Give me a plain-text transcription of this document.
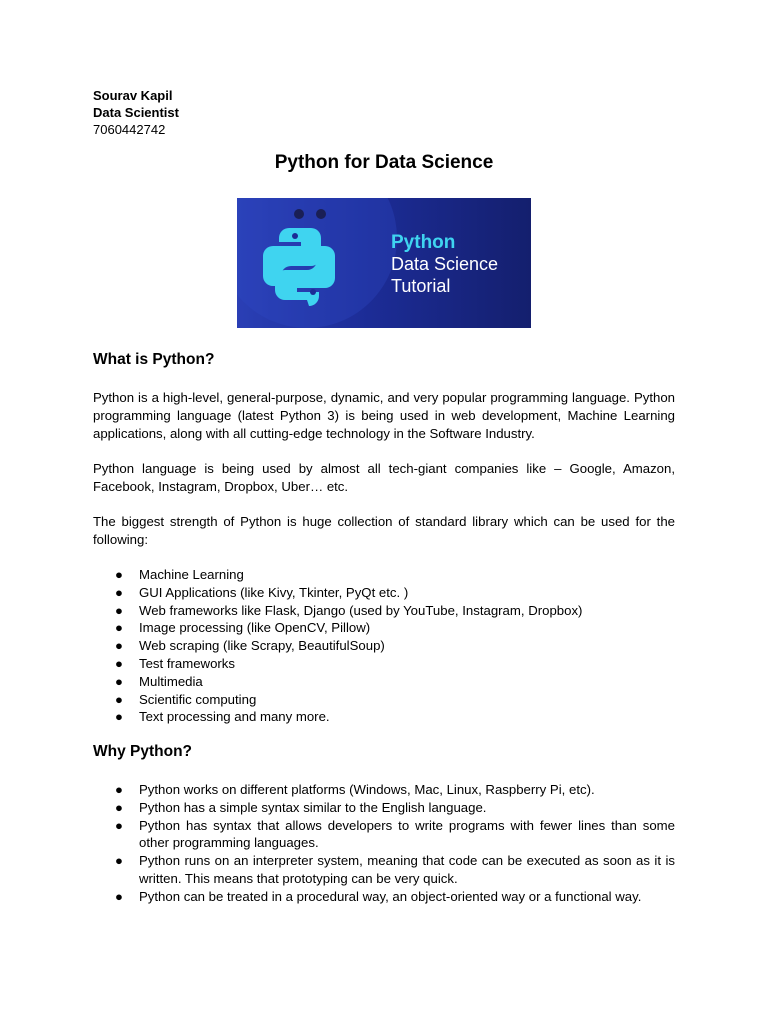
Sourav Kapil
Data Scientist
7060442742
Python for Data Science
Python
Data Science
Tutorial
What is Python?

Python is a high-level, general-purpose, dynamic, and very popular programming language. Python programming language (latest Python 3) is being used in web development, Machine Learning applications, along with all cutting-edge technology in the Software Industry.

Python language is being used by almost all tech-giant companies like – Google, Amazon, Facebook, Instagram, Dropbox, Uber… etc.

The biggest strength of Python is huge collection of standard library which can be used for the following:

● Machine Learning
● GUI Applications (like Kivy, Tkinter, PyQt etc. )
● Web frameworks like Flask, Django (used by YouTube, Instagram, Dropbox)
● Image processing (like OpenCV, Pillow)
● Web scraping (like Scrapy, BeautifulSoup)
● Test frameworks
● Multimedia
● Scientific computing
● Text processing and many more.
Why Python?
● Python works on different platforms (Windows, Mac, Linux, Raspberry Pi, etc).
● Python has a simple syntax similar to the English language.
● Python has syntax that allows developers to write programs with fewer lines than some other programming languages.
● Python runs on an interpreter system, meaning that code can be executed as soon as it is written. This means that prototyping can be very quick.
● Python can be treated in a procedural way, an object-oriented way or a functional way.
